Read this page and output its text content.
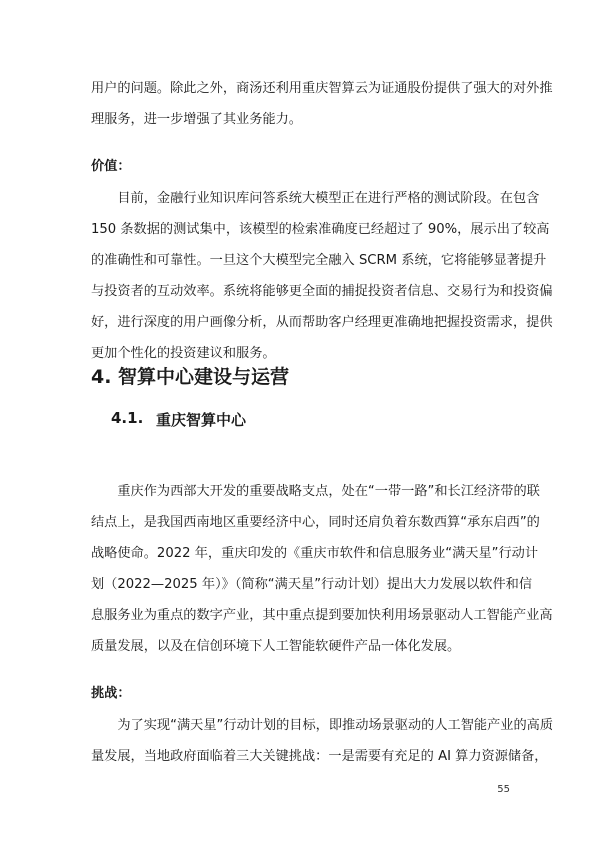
用户的问题。除此之外，商汤还利用重庆智算云为证通股份提供了强大的对外推
理服务，进一步增强了其业务能力。
价值：
　　目前，金融行业知识库问答系统大模型正在进行严格的测试阶段。在包含
150 条数据的测试集中，该模型的检索准确度已经超过了 90%，展示出了较高
的准确性和可靠性。一旦这个大模型完全融入 SCRM 系统，它将能够显著提升
与投资者的互动效率。系统将能够更全面的捕捉投资者信息、交易行为和投资偏
好，进行深度的用户画像分析，从而帮助客户经理更准确地把握投资需求，提供
更加个性化的投资建议和服务。
4. 智算中心建设与运营
4.1. 重庆智算中心
　　重庆作为西部大开发的重要战略支点，处在“一带一路”和长江经济带的联
结点上，是我国西南地区重要经济中心，同时还肩负着东数西算“承东启西”的
战略使命。2022 年，重庆印发的《重庆市软件和信息服务业“满天星”行动计
划（2022—2025 年）》（简称“满天星”行动计划）提出大力发展以软件和信
息服务业为重点的数字产业，其中重点提到要加快利用场景驱动人工智能产业高
质量发展，以及在信创环境下人工智能软硬件产品一体化发展。
挑战：
　　为了实现“满天星”行动计划的目标，即推动场景驱动的人工智能产业的高质
量发展，当地政府面临着三大关键挑战：一是需要有充足的 AI 算力资源储备，
55
